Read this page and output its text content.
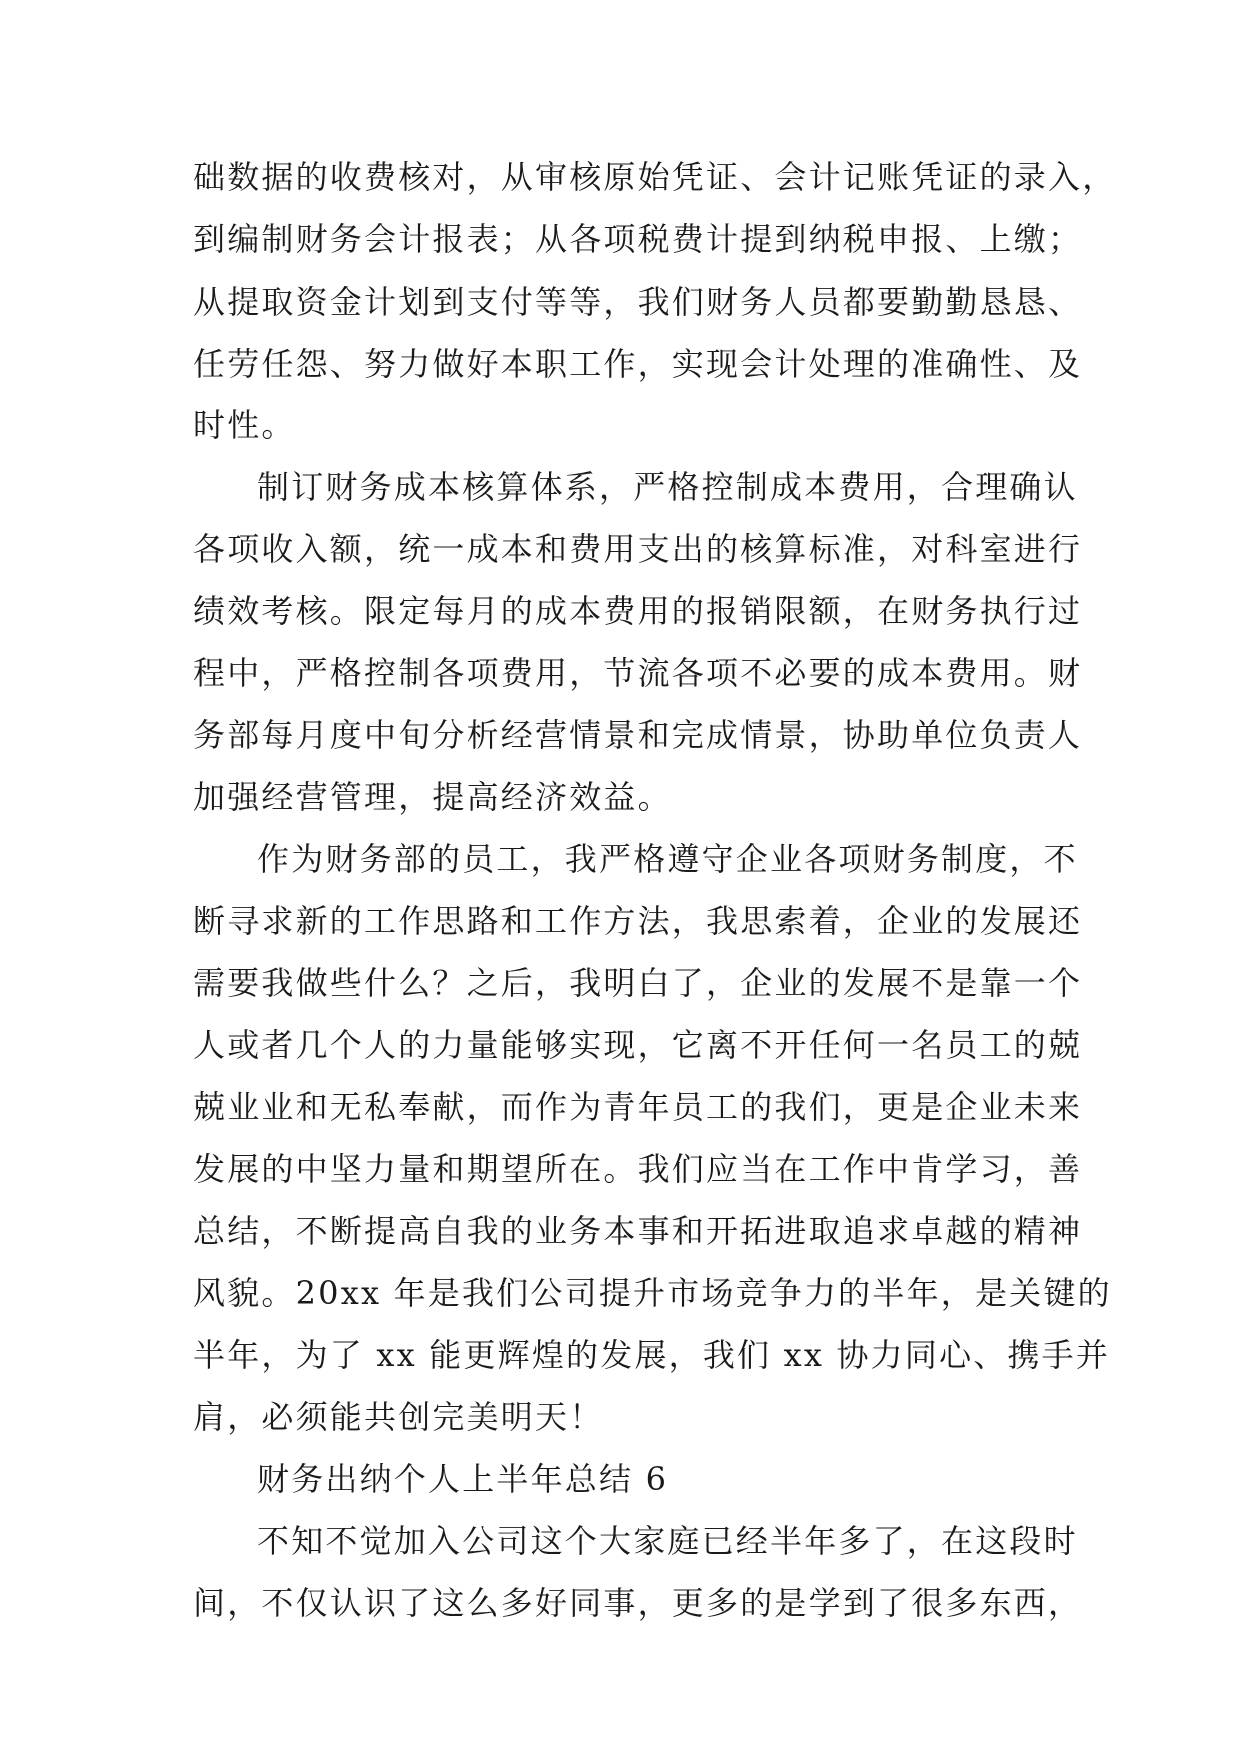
础数据的收费核对，从审核原始凭证、会计记账凭证的录入，
到编制财务会计报表；从各项税费计提到纳税申报、上缴；
从提取资金计划到支付等等，我们财务人员都要勤勤恳恳、
任劳任怨、努力做好本职工作，实现会计处理的准确性、及
时性。
制订财务成本核算体系，严格控制成本费用，合理确认
各项收入额，统一成本和费用支出的核算标准，对科室进行
绩效考核。限定每月的成本费用的报销限额，在财务执行过
程中，严格控制各项费用，节流各项不必要的成本费用。财
务部每月度中旬分析经营情景和完成情景，协助单位负责人
加强经营管理，提高经济效益。
作为财务部的员工，我严格遵守企业各项财务制度，不
断寻求新的工作思路和工作方法，我思索着，企业的发展还
需要我做些什么？之后，我明白了，企业的发展不是靠一个
人或者几个人的力量能够实现，它离不开任何一名员工的兢
兢业业和无私奉献，而作为青年员工的我们，更是企业未来
发展的中坚力量和期望所在。我们应当在工作中肯学习，善
总结，不断提高自我的业务本事和开拓进取追求卓越的精神
风貌。20xx 年是我们公司提升市场竞争力的半年，是关键的
半年，为了 xx 能更辉煌的发展，我们 xx 协力同心、携手并
肩，必须能共创完美明天！
财务出纳个人上半年总结 6
不知不觉加入公司这个大家庭已经半年多了，在这段时
间，不仅认识了这么多好同事，更多的是学到了很多东西，
